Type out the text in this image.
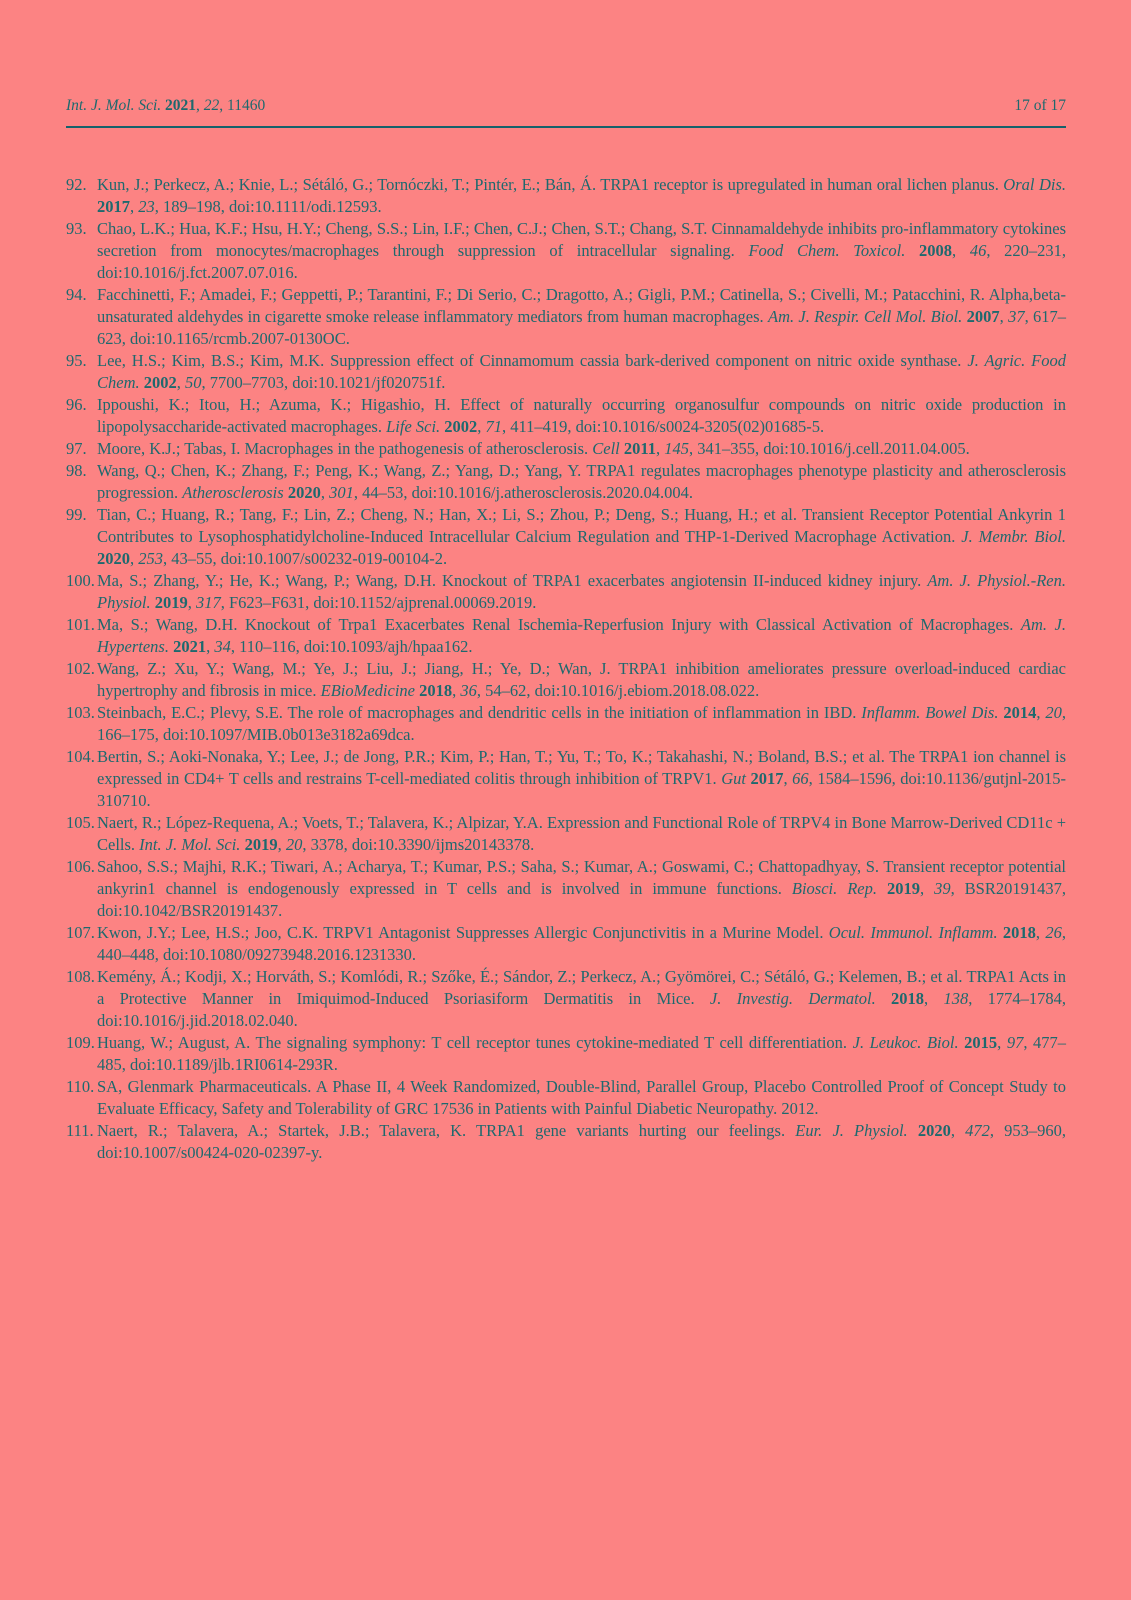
Int. J. Mol. Sci. 2021, 22, 11460	17 of 17
92. Kun, J.; Perkecz, A.; Knie, L.; Sétáló, G.; Tornóczki, T.; Pintér, E.; Bán, Á. TRPA1 receptor is upregulated in human oral lichen planus. Oral Dis. 2017, 23, 189–198, doi:10.1111/odi.12593.
93. Chao, L.K.; Hua, K.F.; Hsu, H.Y.; Cheng, S.S.; Lin, I.F.; Chen, C.J.; Chen, S.T.; Chang, S.T. Cinnamaldehyde inhibits pro-inflammatory cytokines secretion from monocytes/macrophages through suppression of intracellular signaling. Food Chem. Toxicol. 2008, 46, 220–231, doi:10.1016/j.fct.2007.07.016.
94. Facchinetti, F.; Amadei, F.; Geppetti, P.; Tarantini, F.; Di Serio, C.; Dragotto, A.; Gigli, P.M.; Catinella, S.; Civelli, M.; Patacchini, R. Alpha,beta-unsaturated aldehydes in cigarette smoke release inflammatory mediators from human macrophages. Am. J. Respir. Cell Mol. Biol. 2007, 37, 617–623, doi:10.1165/rcmb.2007-0130OC.
95. Lee, H.S.; Kim, B.S.; Kim, M.K. Suppression effect of Cinnamomum cassia bark-derived component on nitric oxide synthase. J. Agric. Food Chem. 2002, 50, 7700–7703, doi:10.1021/jf020751f.
96. Ippoushi, K.; Itou, H.; Azuma, K.; Higashio, H. Effect of naturally occurring organosulfur compounds on nitric oxide production in lipopolysaccharide-activated macrophages. Life Sci. 2002, 71, 411–419, doi:10.1016/s0024-3205(02)01685-5.
97. Moore, K.J.; Tabas, I. Macrophages in the pathogenesis of atherosclerosis. Cell 2011, 145, 341–355, doi:10.1016/j.cell.2011.04.005.
98. Wang, Q.; Chen, K.; Zhang, F.; Peng, K.; Wang, Z.; Yang, D.; Yang, Y. TRPA1 regulates macrophages phenotype plasticity and atherosclerosis progression. Atherosclerosis 2020, 301, 44–53, doi:10.1016/j.atherosclerosis.2020.04.004.
99. Tian, C.; Huang, R.; Tang, F.; Lin, Z.; Cheng, N.; Han, X.; Li, S.; Zhou, P.; Deng, S.; Huang, H.; et al. Transient Receptor Potential Ankyrin 1 Contributes to Lysophosphatidylcholine-Induced Intracellular Calcium Regulation and THP-1-Derived Macrophage Activation. J. Membr. Biol. 2020, 253, 43–55, doi:10.1007/s00232-019-00104-2.
100. Ma, S.; Zhang, Y.; He, K.; Wang, P.; Wang, D.H. Knockout of TRPA1 exacerbates angiotensin II-induced kidney injury. Am. J. Physiol.-Ren. Physiol. 2019, 317, F623–F631, doi:10.1152/ajprenal.00069.2019.
101. Ma, S.; Wang, D.H. Knockout of Trpa1 Exacerbates Renal Ischemia-Reperfusion Injury with Classical Activation of Macrophages. Am. J. Hypertens. 2021, 34, 110–116, doi:10.1093/ajh/hpaa162.
102. Wang, Z.; Xu, Y.; Wang, M.; Ye, J.; Liu, J.; Jiang, H.; Ye, D.; Wan, J. TRPA1 inhibition ameliorates pressure overload-induced cardiac hypertrophy and fibrosis in mice. EBioMedicine 2018, 36, 54–62, doi:10.1016/j.ebiom.2018.08.022.
103. Steinbach, E.C.; Plevy, S.E. The role of macrophages and dendritic cells in the initiation of inflammation in IBD. Inflamm. Bowel Dis. 2014, 20, 166–175, doi:10.1097/MIB.0b013e3182a69dca.
104. Bertin, S.; Aoki-Nonaka, Y.; Lee, J.; de Jong, P.R.; Kim, P.; Han, T.; Yu, T.; To, K.; Takahashi, N.; Boland, B.S.; et al. The TRPA1 ion channel is expressed in CD4+ T cells and restrains T-cell-mediated colitis through inhibition of TRPV1. Gut 2017, 66, 1584–1596, doi:10.1136/gutjnl-2015-310710.
105. Naert, R.; López-Requena, A.; Voets, T.; Talavera, K.; Alpizar, Y.A. Expression and Functional Role of TRPV4 in Bone Marrow-Derived CD11c + Cells. Int. J. Mol. Sci. 2019, 20, 3378, doi:10.3390/ijms20143378.
106. Sahoo, S.S.; Majhi, R.K.; Tiwari, A.; Acharya, T.; Kumar, P.S.; Saha, S.; Kumar, A.; Goswami, C.; Chattopadhyay, S. Transient receptor potential ankyrin1 channel is endogenously expressed in T cells and is involved in immune functions. Biosci. Rep. 2019, 39, BSR20191437, doi:10.1042/BSR20191437.
107. Kwon, J.Y.; Lee, H.S.; Joo, C.K. TRPV1 Antagonist Suppresses Allergic Conjunctivitis in a Murine Model. Ocul. Immunol. Inflamm. 2018, 26, 440–448, doi:10.1080/09273948.2016.1231330.
108. Kemény, Á.; Kodji, X.; Horváth, S.; Komlódi, R.; Szőke, É.; Sándor, Z.; Perkecz, A.; Gyömörei, C.; Sétáló, G.; Kelemen, B.; et al. TRPA1 Acts in a Protective Manner in Imiquimod-Induced Psoriasiform Dermatitis in Mice. J. Investig. Dermatol. 2018, 138, 1774–1784, doi:10.1016/j.jid.2018.02.040.
109. Huang, W.; August, A. The signaling symphony: T cell receptor tunes cytokine-mediated T cell differentiation. J. Leukoc. Biol. 2015, 97, 477–485, doi:10.1189/jlb.1RI0614-293R.
110. SA, Glenmark Pharmaceuticals. A Phase II, 4 Week Randomized, Double-Blind, Parallel Group, Placebo Controlled Proof of Concept Study to Evaluate Efficacy, Safety and Tolerability of GRC 17536 in Patients with Painful Diabetic Neuropathy. 2012.
111. Naert, R.; Talavera, A.; Startek, J.B.; Talavera, K. TRPA1 gene variants hurting our feelings. Eur. J. Physiol. 2020, 472, 953–960, doi:10.1007/s00424-020-02397-y.
